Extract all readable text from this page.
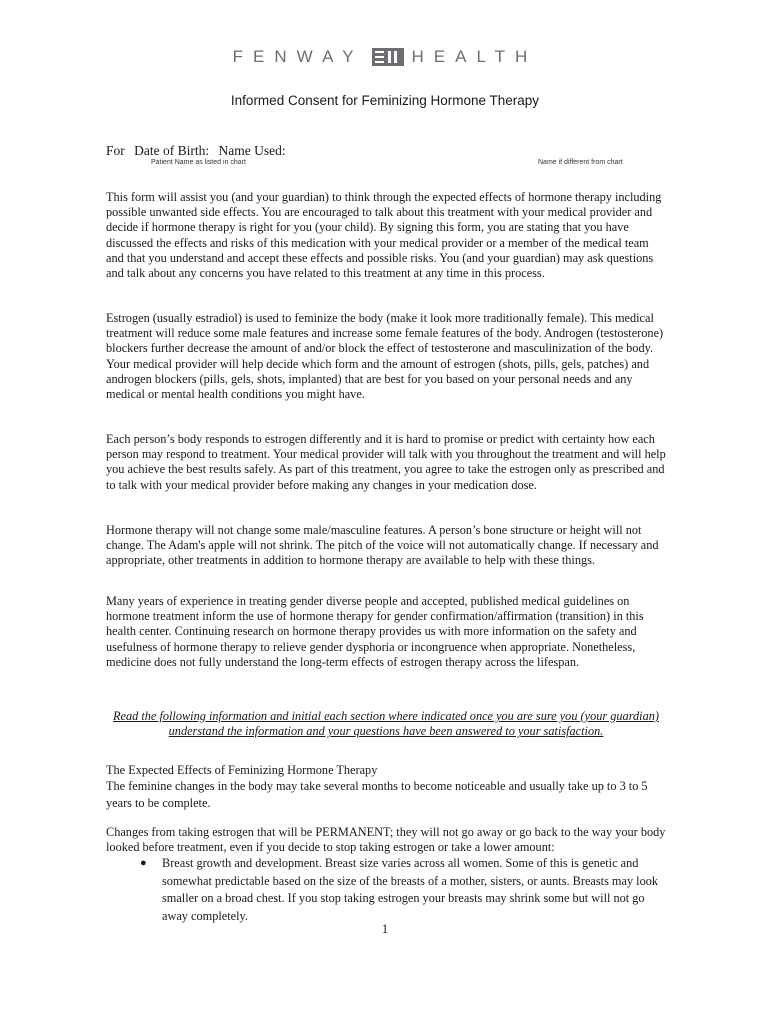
FENWAY	HEALTH
Informed Consent for Feminizing Hormone Therapy
For Date of Birth: Name Used:
Patient Name as listed in chart	Name if different from chart

This form will assist you (and your guardian) to think through the expected effects of hormone therapy including possible unwanted side effects. You are encouraged to talk about this treatment with your medical provider and decide if hormone therapy is right for you (your child). By signing this form, you are stating that you have discussed the effects and risks of this medication with your medical provider or a member of the medical team and that you understand and accept these effects and possible risks. You (and your guardian) may ask questions and talk about any concerns you have related to this treatment at any time in this process.

Estrogen (usually estradiol) is used to feminize the body (make it look more traditionally female). This medical treatment will reduce some male features and increase some female features of the body. Androgen (testosterone) blockers further decrease the amount of and/or block the effect of testosterone and masculinization of the body. Your medical provider will help decide which form and the amount of estrogen (shots, pills, gels, patches) and androgen blockers (pills, gels, shots, implanted) that are best for you based on your personal needs and any medical or mental health conditions you might have.

Each person’s body responds to estrogen differently and it is hard to promise or predict with certainty how each person may respond to treatment. Your medical provider will talk with you throughout the treatment and will help you achieve the best results safely. As part of this treatment, you agree to take the estrogen only as prescribed and to talk with your medical provider before making any changes in your medication dose.

Hormone therapy will not change some male/masculine features. A person’s bone structure or height will not change. The Adam's apple will not shrink. The pitch of the voice will not automatically change. If necessary and appropriate, other treatments in addition to hormone therapy are available to help with these things.

Many years of experience in treating gender diverse people and accepted, published medical guidelines on hormone treatment inform the use of hormone therapy for gender confirmation/affirmation (transition) in this health center. Continuing research on hormone therapy provides us with more information on the safety and usefulness of hormone therapy to relieve gender dysphoria or incongruence when appropriate. Nonetheless, medicine does not fully understand the long-term effects of estrogen therapy across the lifespan.

Read the following information and initial each section where indicated once you are sure you (your guardian) understand the information and your questions have been answered to your satisfaction.

The Expected Effects of Feminizing Hormone Therapy

The feminine changes in the body may take several months to become noticeable and usually take up to 3 to 5 years to be complete.

Changes from taking estrogen that will be PERMANENT; they will not go away or go back to the way your body looked before treatment, even if you decide to stop taking estrogen or take a lower amount:

●	Breast growth and development. Breast size varies across all women. Some of this is genetic and somewhat predictable based on the size of the breasts of a mother, sisters, or aunts. Breasts may look smaller on a broad chest. If you stop taking estrogen your breasts may shrink some but will not go away completely.
1
